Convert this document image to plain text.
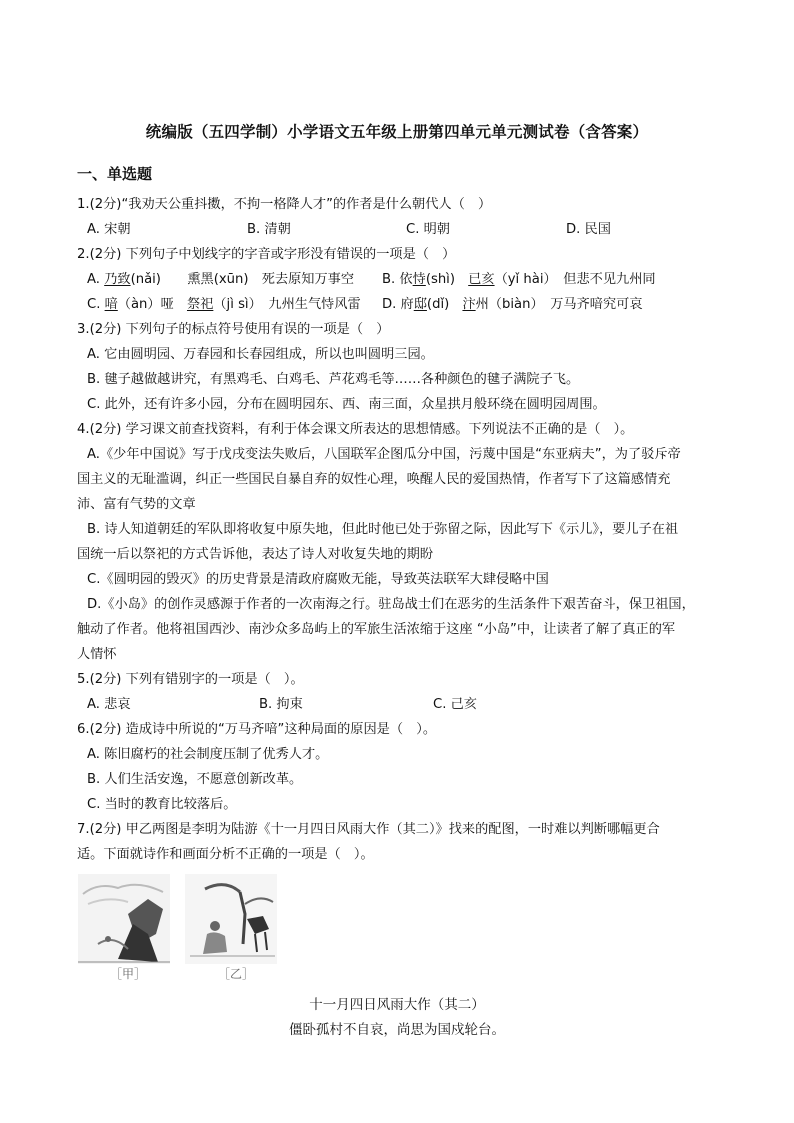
统编版（五四学制）小学语文五年级上册第四单元单元测试卷（含答案）
一、单选题
1.(2分)“我劝天公重抖擞，不拘一格降人才”的作者是什么朝代人（　）
A. 宋朝	B. 清朝	C. 明朝	D. 民国
2.(2分) 下列句子中划线字的字音或字形没有错误的一项是（　）
A. 乃致(nǎi)　　熏黑(xūn)　死去原知万事空 B. 依恃(shì)　已亥（yǐ hài）　但悲不见九州同
C. 喑（àn）哑　祭祀（jì sì）　九州生气恃风雷 D. 府邸(dǐ)　汴州（biàn）　万马齐喑究可哀
3.(2分) 下列句子的标点符号使用有误的一项是（　）
A. 它由圆明园、万春园和长春园组成，所以也叫圆明三园。
B. 毽子越做越讲究，有黑鸡毛、白鸡毛、芦花鸡毛等……各种颜色的毽子满院子飞。
C. 此外，还有许多小园，分布在圆明园东、西、南三面，众星拱月般环绕在圆明园周围。
4.(2分) 学习课文前查找资料，有利于体会课文所表达的思想情感。下列说法不正确的是（　）。
A.《少年中国说》写于戊戌变法失败后，八国联军企图瓜分中国，污蔑中国是“东亚病夫”，为了驳斥帝
国主义的无耻滥调，纠正一些国民自暴自弃的奴性心理，唤醒人民的爱国热情，作者写下了这篇感情充
沛、富有气势的文章
B. 诗人知道朝廷的军队即将收复中原失地，但此时他已处于弥留之际，因此写下《示儿》，要儿子在祖
国统一后以祭祀的方式告诉他，表达了诗人对收复失地的期盼
C.《圆明园的毁灭》的历史背景是清政府腐败无能，导致英法联军大肆侵略中国
D.《小岛》的创作灵感源于作者的一次南海之行。驻岛战士们在恶劣的生活条件下艰苦奋斗，保卫祖国，
触动了作者。他将祖国西沙、南沙众多岛屿上的军旅生活浓缩于这座 “小岛”中，让读者了解了真正的军
人情怀
5.(2分) 下列有错别字的一项是（　）。
A. 悲哀	B. 拘束	C. 己亥
6.(2分) 造成诗中所说的“万马齐喑”这种局面的原因是（　）。
A. 陈旧腐朽的社会制度压制了优秀人才。
B. 人们生活安逸，不愿意创新改革。
C. 当时的教育比较落后。
7.(2分) 甲乙两图是李明为陆游《十一月四日风雨大作（其二）》找来的配图，一时难以判断哪幅更合
适。下面就诗作和画面分析不正确的一项是（　）。
［甲］	［乙］
十一月四日风雨大作（其二）
僵卧孤村不自哀，尚思为国戍轮台。
